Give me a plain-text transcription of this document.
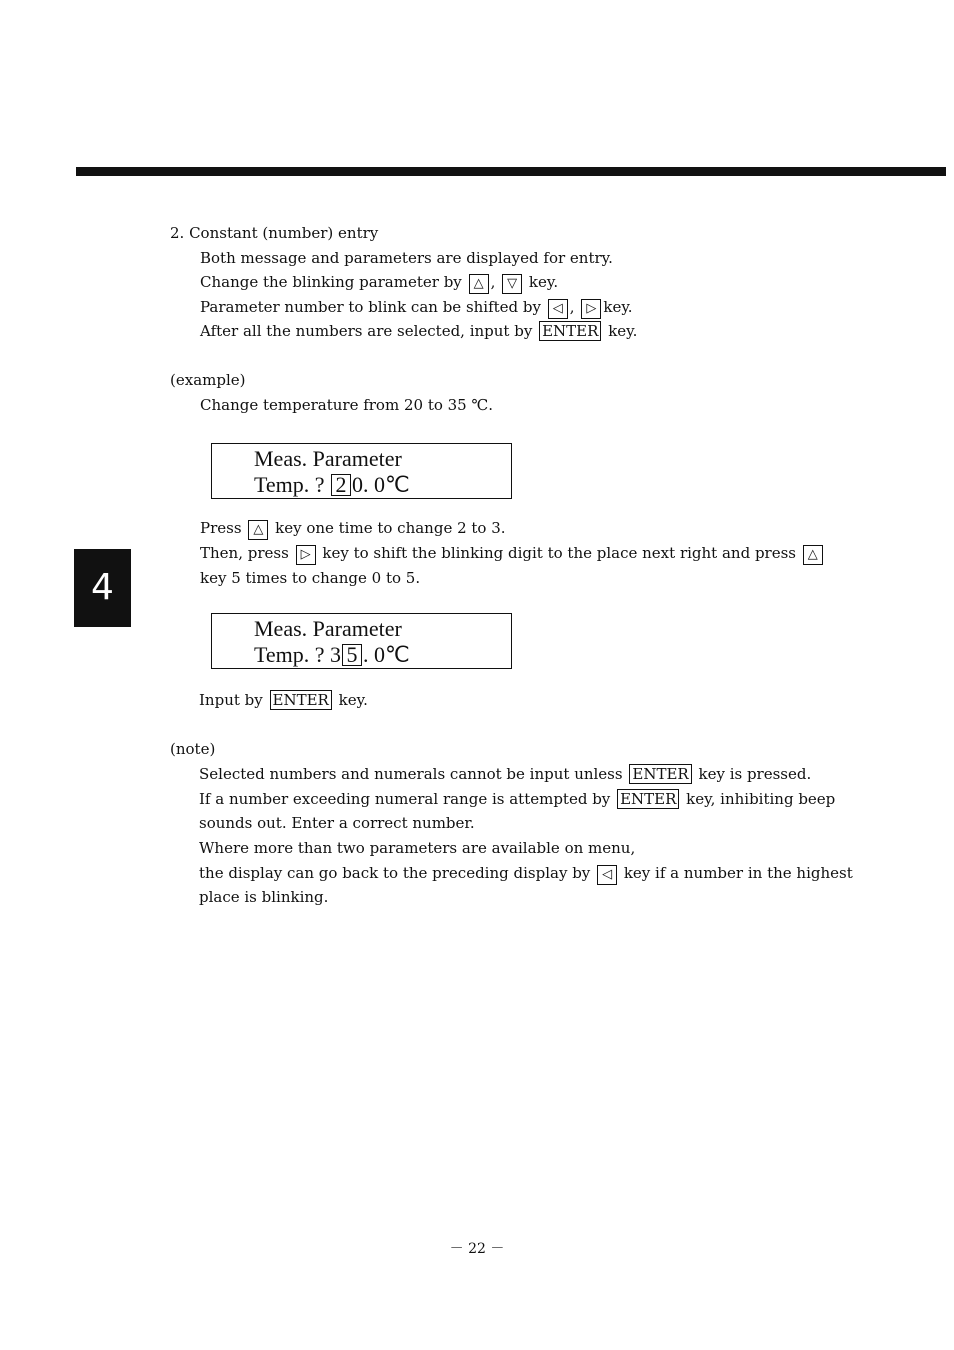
4
2. Constant (number) entry
Both message and parameters are displayed for entry.
Change the blinking parameter by △ , ▽ key.
Parameter number to blink can be shifted by ◁ , ▷ key.
After all the numbers are selected, input by ENTER key.
(example)
Change temperature from 20 to 35 ℃.
Meas. Parameter
Temp. ? 2 0. 0℃
Press △ key one time to change 2 to 3.
Then, press ▷ key to shift the blinking digit to the place next right and press △
key 5 times to change 0 to 5.
Meas. Parameter
Temp. ? 3 5 . 0℃
Input by ENTER key.
(note)
Selected numbers and numerals cannot be input unless ENTER key is pressed.
If a number exceeding numeral range is attempted by ENTER key, inhibiting beep
sounds out. Enter a correct number.
Where more than two parameters are available on menu,
the display can go back to the preceding display by ◁ key if a number in the highest
place is blinking.
－ 22 －
